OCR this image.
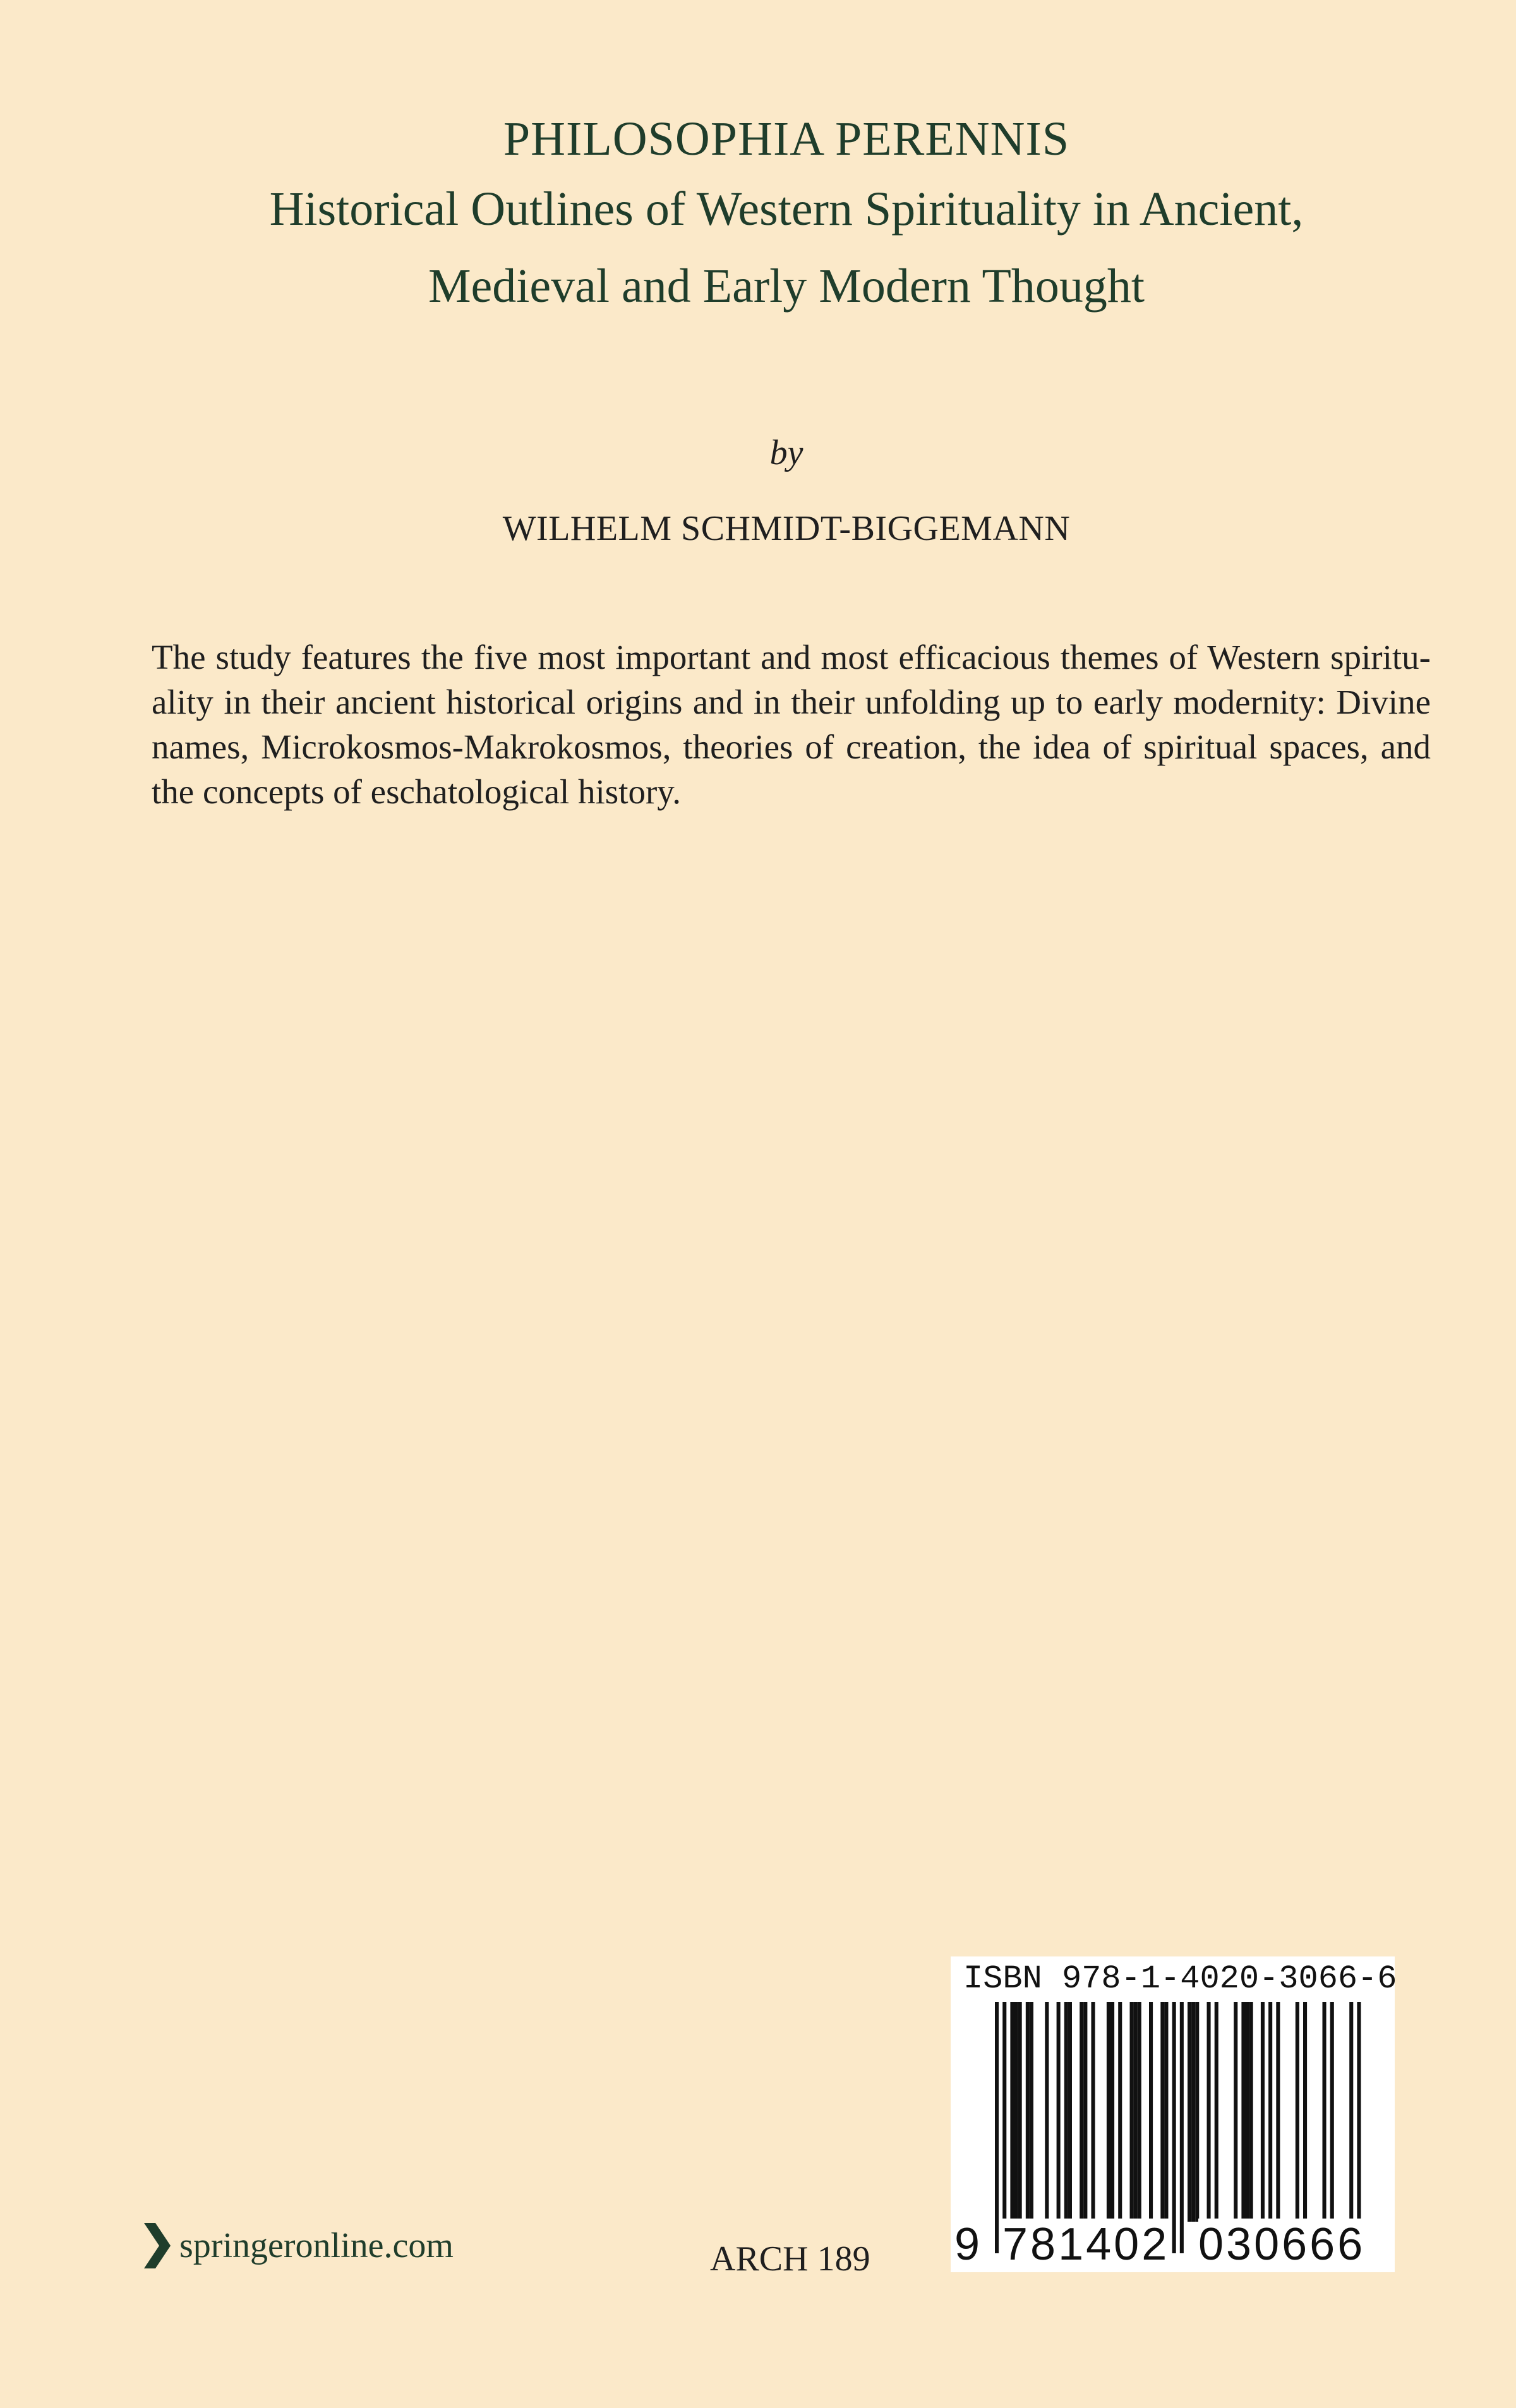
PHILOSOPHIA PERENNIS
Historical Outlines of Western Spirituality in Ancient,
Medieval and Early Modern Thought
by
WILHELM SCHMIDT-BIGGEMANN
The study features the five most important and most efficacious themes of Western spiritu-
ality in their ancient historical origins and in their unfolding up to early modernity: Divine
names, Microkosmos-Makrokosmos, theories of creation, the idea of spiritual spaces, and
the concepts of eschatological history.
ISBN 978-1-4020-3066-6
9 781402 030666
springeronline.com	ARCH 189
